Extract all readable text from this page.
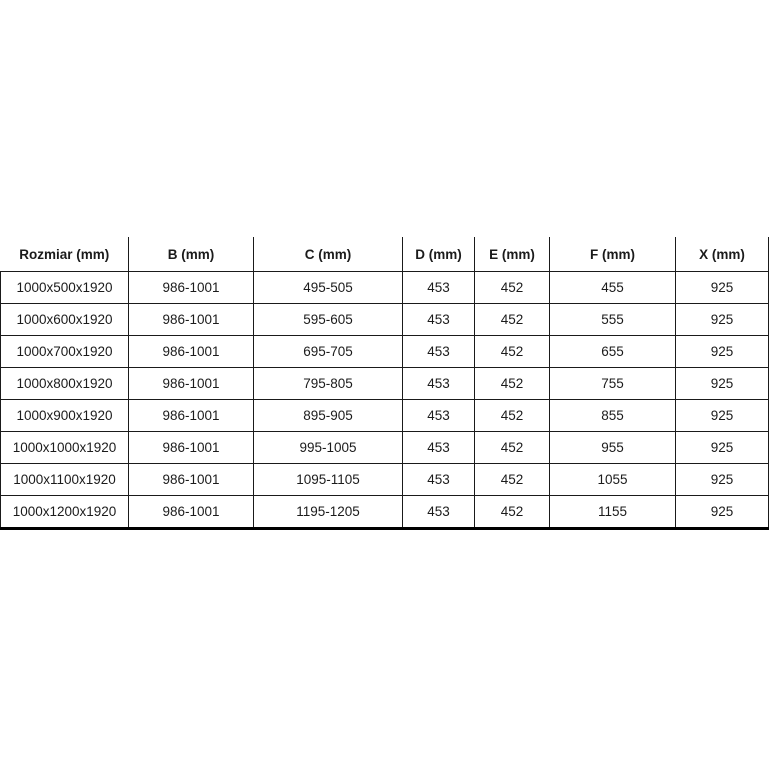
Rozmiar (mm)	B (mm)	C (mm)	D (mm)	E (mm)	F (mm)	X (mm)
1000x500x1920	986-1001	495-505	453	452	455	925
1000x600x1920	986-1001	595-605	453	452	555	925
1000x700x1920	986-1001	695-705	453	452	655	925
1000x800x1920	986-1001	795-805	453	452	755	925
1000x900x1920	986-1001	895-905	453	452	855	925
1000x1000x1920	986-1001	995-1005	453	452	955	925
1000x1100x1920	986-1001	1095-1105	453	452	1055	925
1000x1200x1920	986-1001	1195-1205	453	452	1155	925
